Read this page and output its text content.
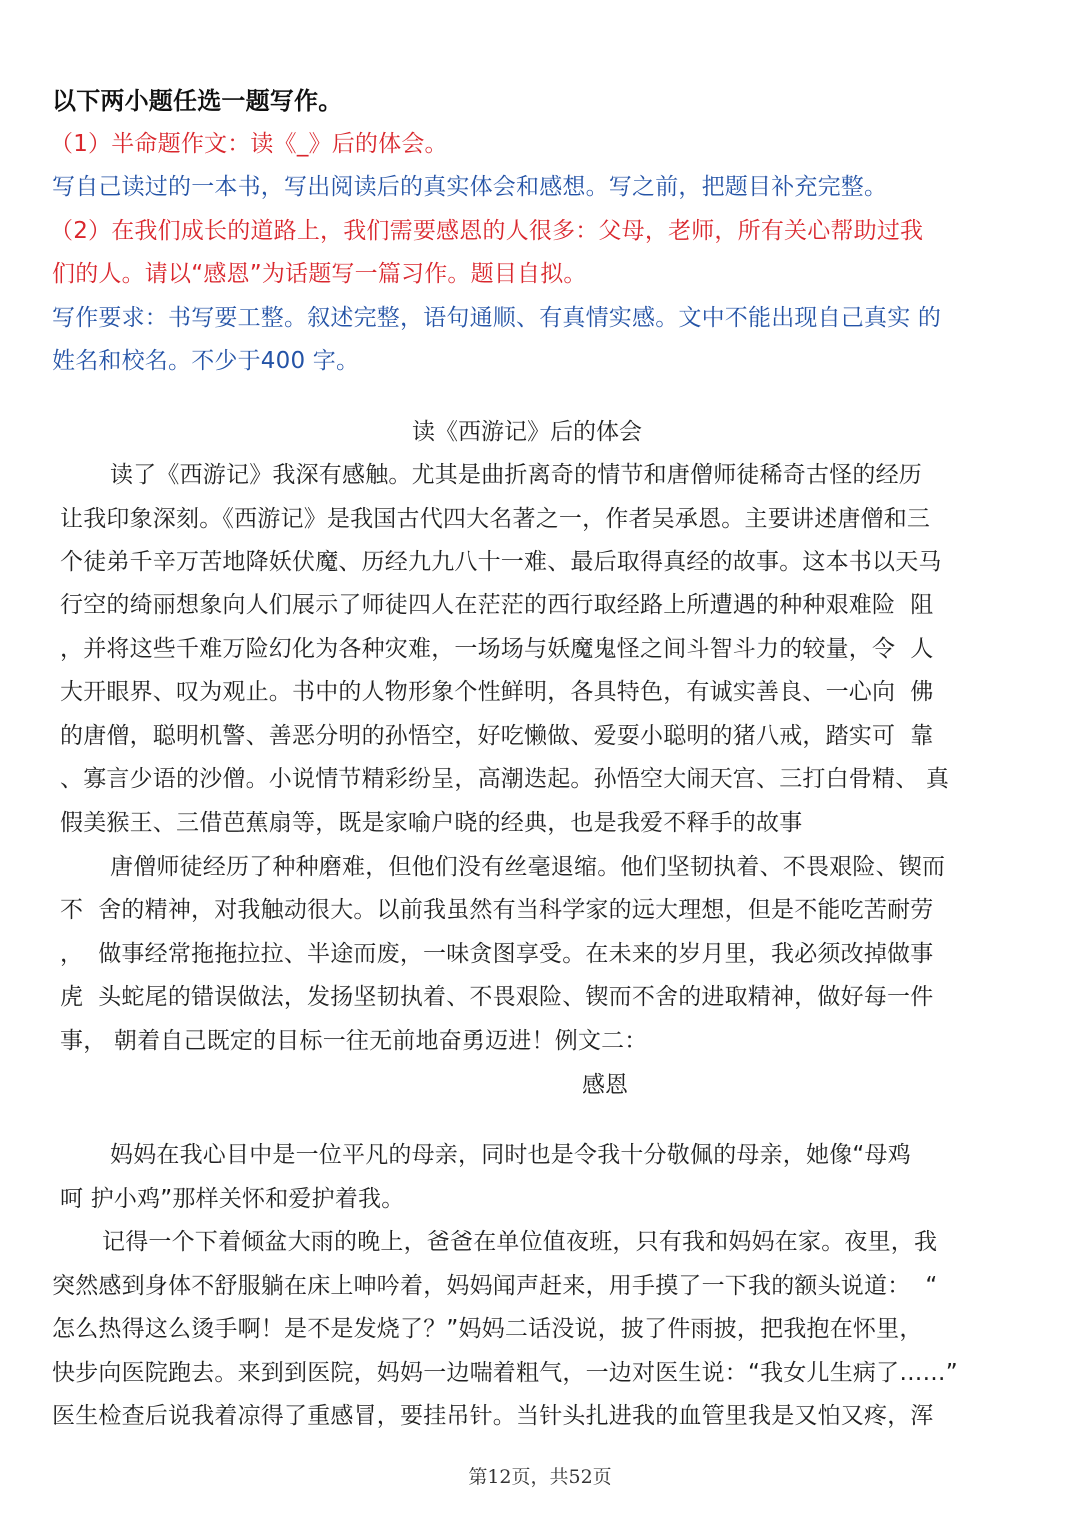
以下两小题任选一题写作。
（1）半命题作文：读《_》后的体会。
写自己读过的一本书，写出阅读后的真实体会和感想。写之前，把题目补充完整。
（2）在我们成长的道路上，我们需要感恩的人很多：父母，老师，所有关心帮助过我
们的人。请以“感恩”为话题写一篇习作。题目自拟。
写作要求：书写要工整。叙述完整，语句通顺、有真情实感。文中不能出现自己真实 的
姓名和校名。不少于400 字。
读《西游记》后的体会
读了《西游记》我深有感触。尤其是曲折离奇的情节和唐僧师徒稀奇古怪的经历
让我印象深刻。《西游记》是我国古代四大名著之一，作者吴承恩。主要讲述唐僧和三
个徒弟千辛万苦地降妖伏魔、历经九九八十一难、最后取得真经的故事。这本书以天马
行空的绮丽想象向人们展示了师徒四人在茫茫的西行取经路上所遭遇的种种艰难险  阻
，并将这些千难万险幻化为各种灾难，一场场与妖魔鬼怪之间斗智斗力的较量，令  人
大开眼界、叹为观止。书中的人物形象个性鲜明，各具特色，有诚实善良、一心向  佛
的唐僧，聪明机警、善恶分明的孙悟空，好吃懒做、爱耍小聪明的猪八戒，踏实可  靠
、寡言少语的沙僧。小说情节精彩纷呈，高潮迭起。孙悟空大闹天宫、三打白骨精、 真
假美猴王、三借芭蕉扇等，既是家喻户晓的经典，也是我爱不释手的故事
唐僧师徒经历了种种磨难，但他们没有丝毫退缩。他们坚韧执着、不畏艰险、锲而
不  舍的精神，对我触动很大。以前我虽然有当科学家的远大理想，但是不能吃苦耐劳
，  做事经常拖拖拉拉、半途而废，一味贪图享受。在未来的岁月里，我必须改掉做事
虎  头蛇尾的错误做法，发扬坚韧执着、不畏艰险、锲而不舍的进取精神，做好每一件
事， 朝着自己既定的目标一往无前地奋勇迈进！例文二：
感恩
妈妈在我心目中是一位平凡的母亲，同时也是令我十分敬佩的母亲，她像“母鸡
呵 护小鸡”那样关怀和爱护着我。
记得一个下着倾盆大雨的晚上，爸爸在单位值夜班，只有我和妈妈在家。夜里，我
突然感到身体不舒服躺在床上呻吟着，妈妈闻声赶来，用手摸了一下我的额头说道：  “
怎么热得这么烫手啊！是不是发烧了？”妈妈二话没说，披了件雨披，把我抱在怀里，
快步向医院跑去。来到到医院，妈妈一边喘着粗气，一边对医生说：“我女儿生病了……”
医生检查后说我着凉得了重感冒，要挂吊针。当针头扎进我的血管里我是又怕又疼，浑
第12页，共52页
